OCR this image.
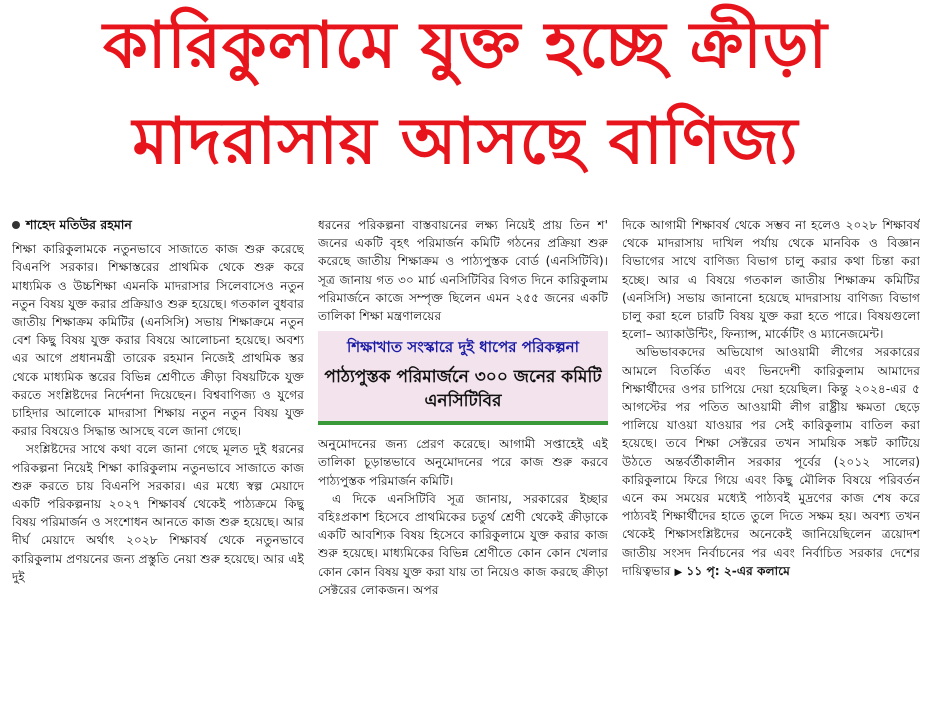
কারিকুলামে যুক্ত হচ্ছে ক্রীড়া
মাদরাসায় আসছে বাণিজ্য
শাহেদ মতিউর রহমান

শিক্ষা কারিকুলামকে নতুনভাবে সাজাতে কাজ শুরু করেছে বিএনপি সরকার। শিক্ষাস্তরের প্রাথমিক থেকে শুরু করে মাধ্যমিক ও উচ্চশিক্ষা এমনকি মাদরাসার সিলেবাসেও নতুন নতুন বিষয় যুক্ত করার প্রক্রিয়াও শুরু হয়েছে। গতকাল বুধবার জাতীয় শিক্ষাক্রম কমিটির (এনসিসি) সভায় শিক্ষাক্রমে নতুন বেশ কিছু বিষয় যুক্ত করার বিষয়ে আলোচনা হয়েছে। অবশ্য এর আগে প্রধানমন্ত্রী তারেক রহমান নিজেই প্রাথমিক স্তর থেকে মাধ্যমিক স্তরের বিভিন্ন শ্রেণীতে ক্রীড়া বিষয়টিকে যুক্ত করতে সংশ্লিষ্টদের নির্দেশনা দিয়েছেন। বিশ্ববাণিজ্য ও যুগের চাহিদার আলোকে মাদরাসা শিক্ষায় নতুন নতুন বিষয় যুক্ত করার বিষয়েও সিদ্ধান্ত আসছে বলে জানা গেছে।

সংশ্লিষ্টদের সাথে কথা বলে জানা গেছে মূলত দুই ধরনের পরিকল্পনা নিয়েই শিক্ষা কারিকুলাম নতুনভাবে সাজাতে কাজ শুরু করতে চায় বিএনপি সরকার। এর মধ্যে স্বল্প মেয়াদে একটি পরিকল্পনায় ২০২৭ শিক্ষাবর্ষ থেকেই পাঠ্যক্রমে কিছু বিষয় পরিমার্জন ও সংশোধন আনতে কাজ শুরু হয়েছে। আর দীর্ঘ মেয়াদে অর্থাৎ ২০২৮ শিক্ষাবর্ষ থেকে নতুনভাবে কারিকুলাম প্রণয়নের জন্য প্রস্তুতি নেয়া শুরু হয়েছে। আর এই দুই

ধরনের পরিকল্পনা বাস্তবায়নের লক্ষ্য নিয়েই প্রায় তিন শ' জনের একটি বৃহৎ পরিমার্জন কমিটি গঠনের প্রক্রিয়া শুরু করেছে জাতীয় শিক্ষাক্রম ও পাঠ্যপুস্তক বোর্ড (এনসিটিবি)। সূত্র জানায় গত ৩০ মার্চ এনসিটিবির বিগত দিনে কারিকুলাম পরিমার্জনে কাজে সম্পৃক্ত ছিলেন এমন ২৫৫ জনের একটি তালিকা শিক্ষা মন্ত্রণালয়ের

শিক্ষাখাত সংস্কারে দুই ধাপের পরিকল্পনা
পাঠ্যপুস্তক পরিমার্জনে ৩০০ জনের কমিটি এনসিটিবির

অনুমোদনের জন্য প্রেরণ করেছে। আগামী সপ্তাহেই এই তালিকা চূড়ান্তভাবে অনুমোদনের পরে কাজ শুরু করবে পাঠ্যপুস্তক পরিমার্জন কমিটি।

এ দিকে এনসিটিবি সূত্র জানায়, সরকারের ইচ্ছার বহিঃপ্রকাশ হিসেবে প্রাথমিকের চতুর্থ শ্রেণী থেকেই ক্রীড়াকে একটি আবশ্যিক বিষয় হিসেবে কারিকুলামে যুক্ত করার কাজ শুরু হয়েছে। মাধ্যমিকের বিভিন্ন শ্রেণীতে কোন কোন খেলার কোন কোন বিষয় যুক্ত করা যায় তা নিয়েও কাজ করছে ক্রীড়া সেক্টরের লোকজন। অপর

দিকে আগামী শিক্ষাবর্ষ থেকে সম্ভব না হলেও ২০২৮ শিক্ষাবর্ষ থেকে মাদরাসায় দাখিল পর্যায় থেকে মানবিক ও বিজ্ঞান বিভাগের সাথে বাণিজ্য বিভাগ চালু করার কথা চিন্তা করা হচ্ছে। আর এ বিষয়ে গতকাল জাতীয় শিক্ষাক্রম কমিটির (এনসিসি) সভায় জানানো হয়েছে মাদরাসায় বাণিজ্য বিভাগ চালু করা হলে চারটি বিষয় যুক্ত করা হতে পারে। বিষয়গুলো হলো– অ্যাকাউন্টিং, ফিন্যান্স, মার্কেটিং ও ম্যানেজমেন্ট।

অভিভাবকদের অভিযোগ আওয়ামী লীগের সরকারের আমলে বিতর্কিত এবং ভিনদেশী কারিকুলাম আমাদের শিক্ষার্থীদের ওপর চাপিয়ে দেয়া হয়েছিল। কিন্তু ২০২৪-এর ৫ আগস্টের পর পতিত আওয়ামী লীগ রাষ্ট্রীয় ক্ষমতা ছেড়ে পালিয়ে যাওয়া যাওয়ার পর সেই কারিকুলাম বাতিল করা হয়েছে। তবে শিক্ষা সেক্টরের তখন সাময়িক সঙ্কট কাটিয়ে উঠতে অন্তর্বর্তীকালীন সরকার পূর্বের (২০১২ সালের) কারিকুলামে ফিরে গিয়ে এবং কিছু মৌলিক বিষয়ে পরিবর্তন এনে কম সময়ের মধ্যেই পাঠ্যবই মুদ্রণের কাজ শেষ করে পাঠ্যবই শিক্ষার্থীদের হাতে তুলে দিতে সক্ষম হয়। অবশ্য তখন থেকেই শিক্ষাসংশ্লিষ্টদের অনেকেই জানিয়েছিলেন ত্রয়োদশ জাতীয় সংসদ নির্বাচনের পর এবং নির্বাচিত সরকার দেশের দায়িত্বভার ▶ ১১ পৃ: ২-এর কলামে
